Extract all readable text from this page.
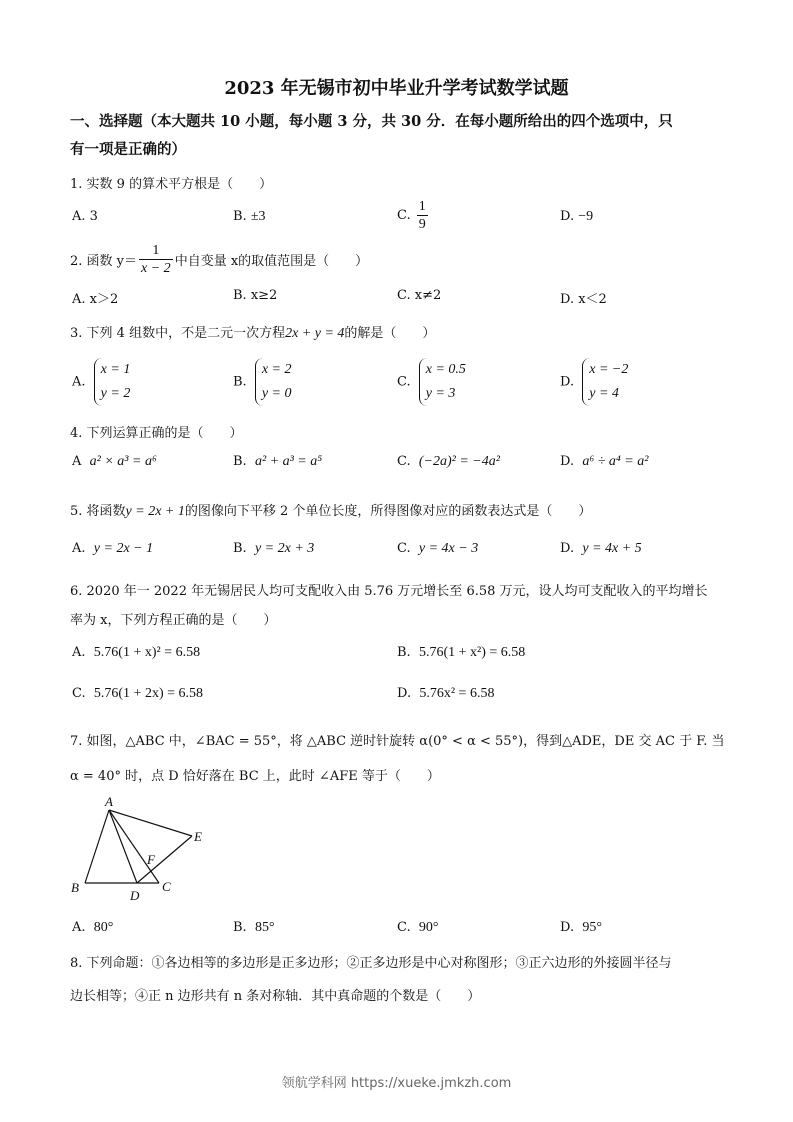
2023 年无锡市初中毕业升学考试数学试题
一、选择题（本大题共 10 小题，每小题 3 分，共 30 分．在每小题所给出的四个选项中，只
有一项是正确的）
1. 实数 9 的算术平方根是（　　）
A. 3	B. ±3	C. $\frac{1}{9}$	D. −9
2. 函数 $y= \frac{1}{x - 2}$ 中自变量 x的取值范围是（　　）
A. x＞2	B. x≥2	C. x≠2	D. x＜2
3. 下列 4 组数中，不是二元一次方程2x + y = 4的解是（　　）
A.
x = 1
y = 2
B.
x = 2
y = 0
C.
x = 0.5
y = 3
D.
x = −2
y = 4
4. 下列运算正确的是（　　）
A a² × a³ = a⁶	B. a² + a³ = a⁵	C. (−2a)² = −4a²	D. a⁶ ÷ a⁴ = a²
5. 将函数y = 2x + 1的图像向下平移 2 个单位长度，所得图像对应的函数表达式是（　　）
A. y = 2x − 1	B. y = 2x + 3	C. y = 4x − 3	D. y = 4x + 5
6. 2020 年一 2022 年无锡居民人均可支配收入由 5.76 万元增长至 6.58 万元，设人均可支配收入的平均增长
率为 x，下列方程正确的是（　　）
A. 5.76(1 + x)² = 6.58	B. 5.76(1 + x²) = 6.58
C. 5.76(1 + 2x) = 6.58	D. 5.76x² = 6.58
7. 如图，△ABC 中，∠BAC = 55°，将 △ABC 逆时针旋转 α(0° < α < 55°)，得到△ADE，DE 交 AC 于 F. 当
α = 40° 时，点 D 恰好落在 BC 上，此时 ∠AFE 等于（　　）
A
B	C
D
E
F
A. 80°	B. 85°	C. 90°	D. 95°
8. 下列命题：①各边相等的多边形是正多边形；②正多边形是中心对称图形；③正六边形的外接圆半径与
边长相等；④正 n 边形共有 n 条对称轴．其中真命题的个数是（　　）
领航学科网 https://xueke.jmkzh.com
